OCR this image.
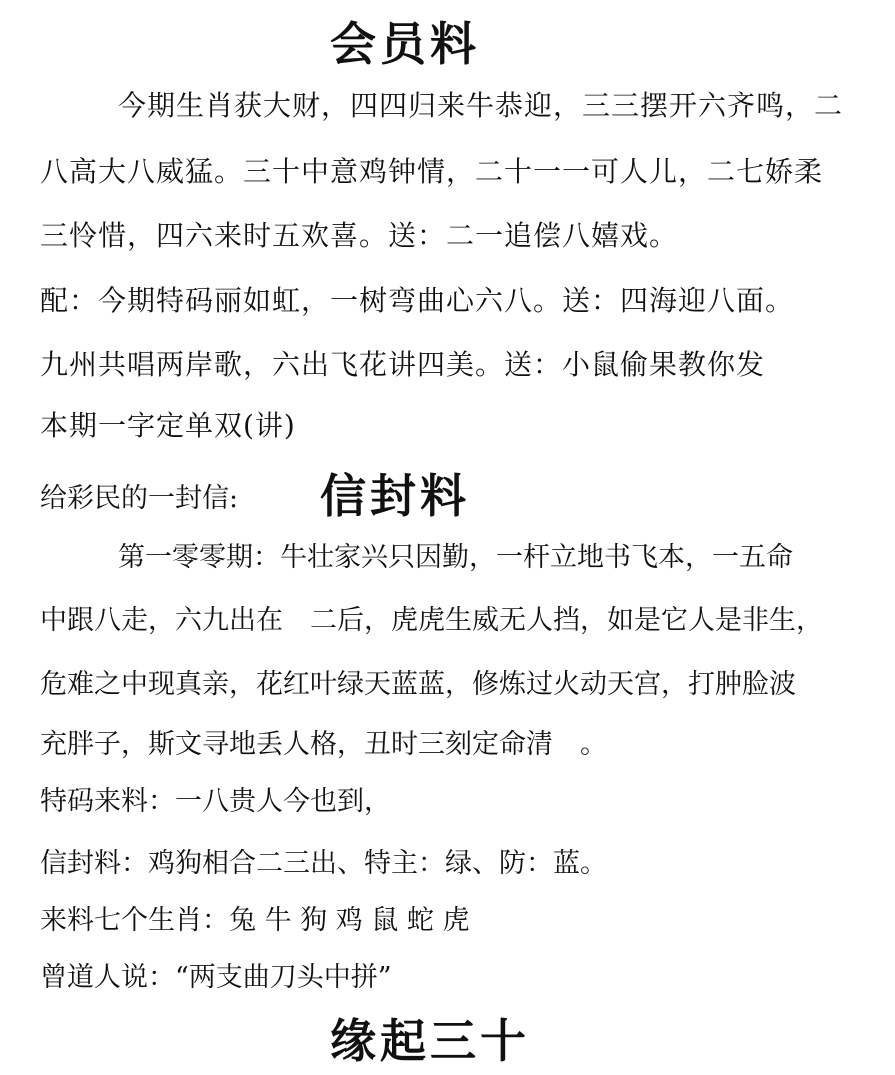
会员料
今期生肖获大财，四四归来牛恭迎，三三摆开六齐鸣，二
八高大八威猛。三十中意鸡钟情，二十一一可人儿，二七娇柔
三怜惜，四六来时五欢喜。送：二一追偿八嬉戏。
配：今期特码丽如虹，一树弯曲心六八。送：四海迎八面。
九州共唱两岸歌，六出飞花讲四美。送：小鼠偷果教你发
本期一字定单双(讲)
给彩民的一封信: 信封料
第一零零期：牛壮家兴只因勤，一杆立地书飞本，一五命
中跟八走，六九出在　二后，虎虎生威无人挡，如是它人是非生，
危难之中现真亲，花红叶绿天蓝蓝，修炼过火动天宫，打肿脸波
充胖子，斯文寻地丢人格，丑时三刻定命清　。
特码来料：一八贵人今也到，
信封料：鸡狗相合二三出、特主：绿、防：蓝。
来料七个生肖：兔 牛 狗 鸡 鼠 蛇 虎
曾道人说：“两支曲刀头中拼”
缘起三十
